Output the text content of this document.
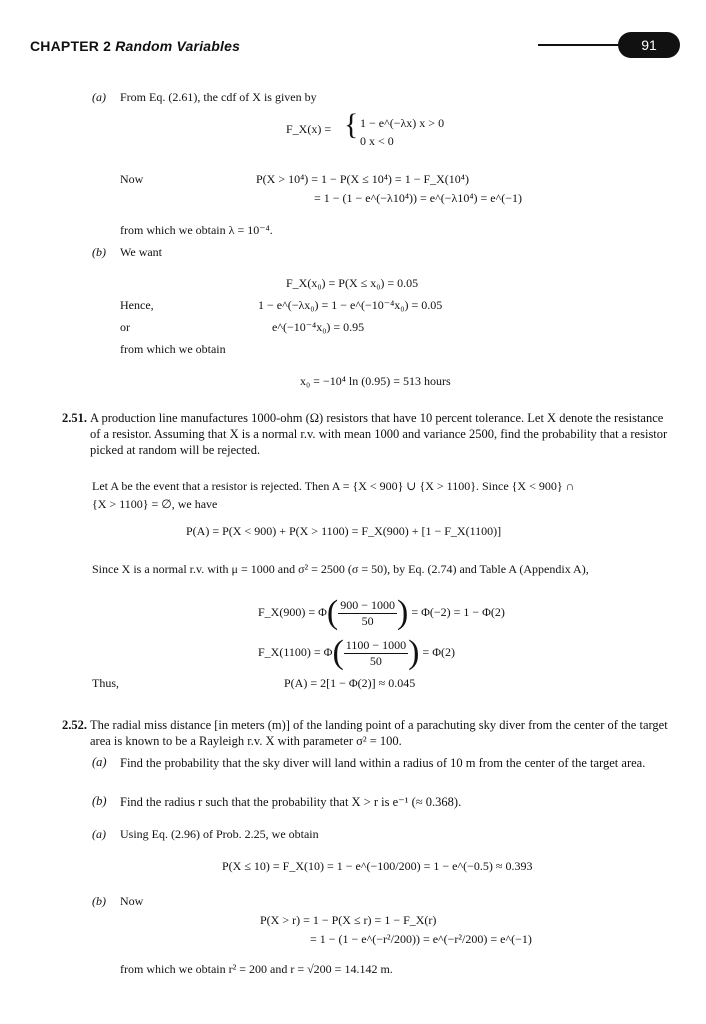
CHAPTER 2 Random Variables	91
(a) From Eq. (2.61), the cdf of X is given by
F_X(x) = { 1 − e^(−λx) x > 0
0 x < 0
Now	P(X > 10⁴) = 1 − P(X ≤ 10⁴) = 1 − F_X(10⁴)
= 1 − (1 − e^(−λ10⁴)) = e^(−λ10⁴) = e^(−1)
from which we obtain λ = 10⁻⁴.
(b) We want
F_X(x₀) = P(X ≤ x₀) = 0.05
Hence,	1 − e^(−λx₀) = 1 − e^(−10⁻⁴x₀) = 0.05
or	e^(−10⁻⁴x₀) = 0.95
from which we obtain
x₀ = −10⁴ ln (0.95) = 513 hours
2.51. A production line manufactures 1000-ohm (Ω) resistors that have 10 percent tolerance. Let X denote the resistance of a resistor. Assuming that X is a normal r.v. with mean 1000 and variance 2500, find the probability that a resistor picked at random will be rejected.
Let A be the event that a resistor is rejected. Then A = {X < 900} ∪ {X > 1100}. Since {X < 900} ∩
{X > 1100} = ∅, we have
P(A) = P(X < 900) + P(X > 1100) = F_X(900) + [1 − F_X(1100)]
Since X is a normal r.v. with μ = 1000 and σ² = 2500 (σ = 50), by Eq. (2.74) and Table A (Appendix A),
F_X(900) = $\Phi( \frac{900 - 1000}{50}$ ) = Φ(−2) = 1 − Φ(2)
F_X(1100) = $\Phi( \frac{1100 - 1000}{50}$ ) = Φ(2)
Thus,	P(A) = 2[1 − Φ(2)] ≈ 0.045
2.52. The radial miss distance [in meters (m)] of the landing point of a parachuting sky diver from the center of the target area is known to be a Rayleigh r.v. X with parameter σ² = 100.
(a) Find the probability that the sky diver will land within a radius of 10 m from the center of the target area.
(b) Find the radius r such that the probability that X > r is e⁻¹ (≈ 0.368).
(a) Using Eq. (2.96) of Prob. 2.25, we obtain
P(X ≤ 10) = F_X(10) = 1 − e^(−100/200) = 1 − e^(−0.5) ≈ 0.393
(b) Now
P(X > r) = 1 − P(X ≤ r) = 1 − F_X(r)
= 1 − (1 − e^(−r²/200)) = e^(−r²/200) = e^(−1)
from which we obtain r² = 200 and r = √200 = 14.142 m.
